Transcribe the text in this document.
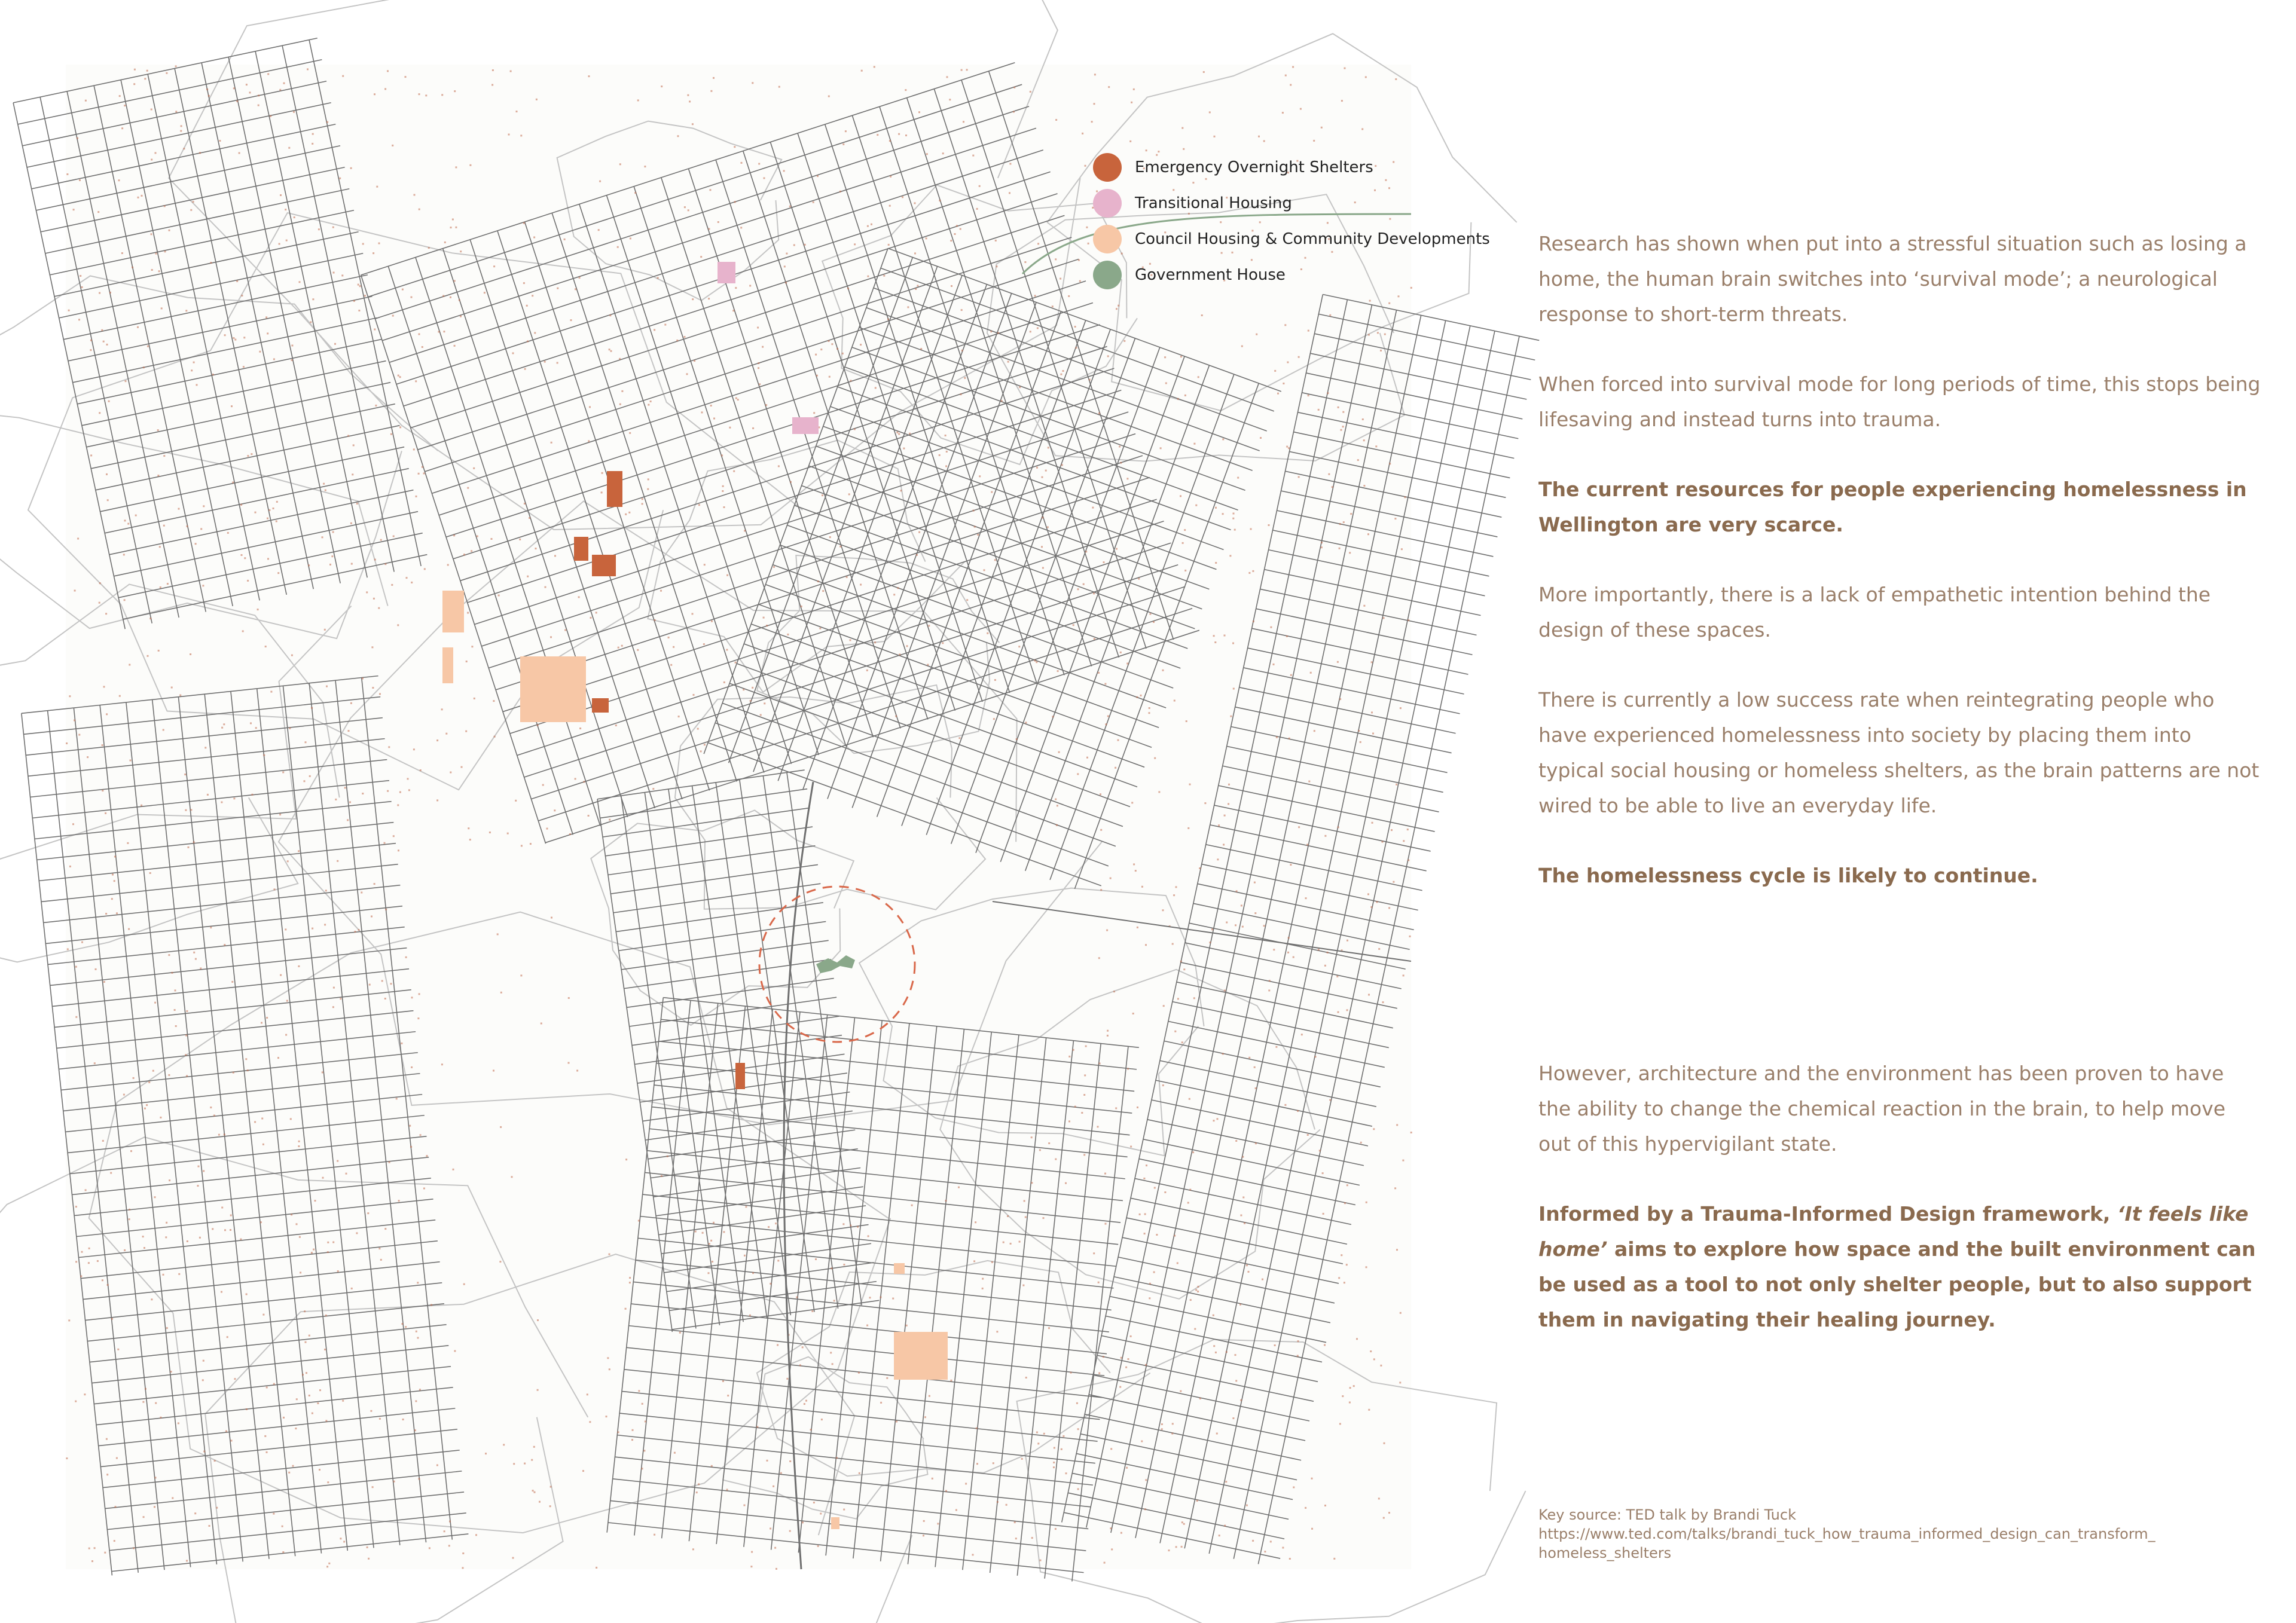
Emergency Overnight Shelters
Transitional Housing
Council Housing & Community Developments
Government House

Research has shown when put into a stressful situation such as losing a home, the human brain switches into ‘survival mode’; a neurological response to short-term threats.

When forced into survival mode for long periods of time, this stops being lifesaving and instead turns into trauma.

The current resources for people experiencing homelessness in Wellington are very scarce.

More importantly, there is a lack of empathetic intention behind the design of these spaces.

There is currently a low success rate when reintegrating people who have experienced homelessness into society by placing them into typical social housing or homeless shelters, as the brain patterns are not wired to be able to live an everyday life.

The homelessness cycle is likely to continue.

However, architecture and the environment has been proven to have the ability to change the chemical reaction in the brain, to help move out of this hypervigilant state.

Informed by a Trauma-Informed Design framework, ‘It feels like home’ aims to explore how space and the built environment can be used as a tool to not only shelter people, but to also support them in navigating their healing journey.

Key source: TED talk by Brandi Tuck
https://www.ted.com/talks/brandi_tuck_how_trauma_informed_design_can_transform_
homeless_shelters
